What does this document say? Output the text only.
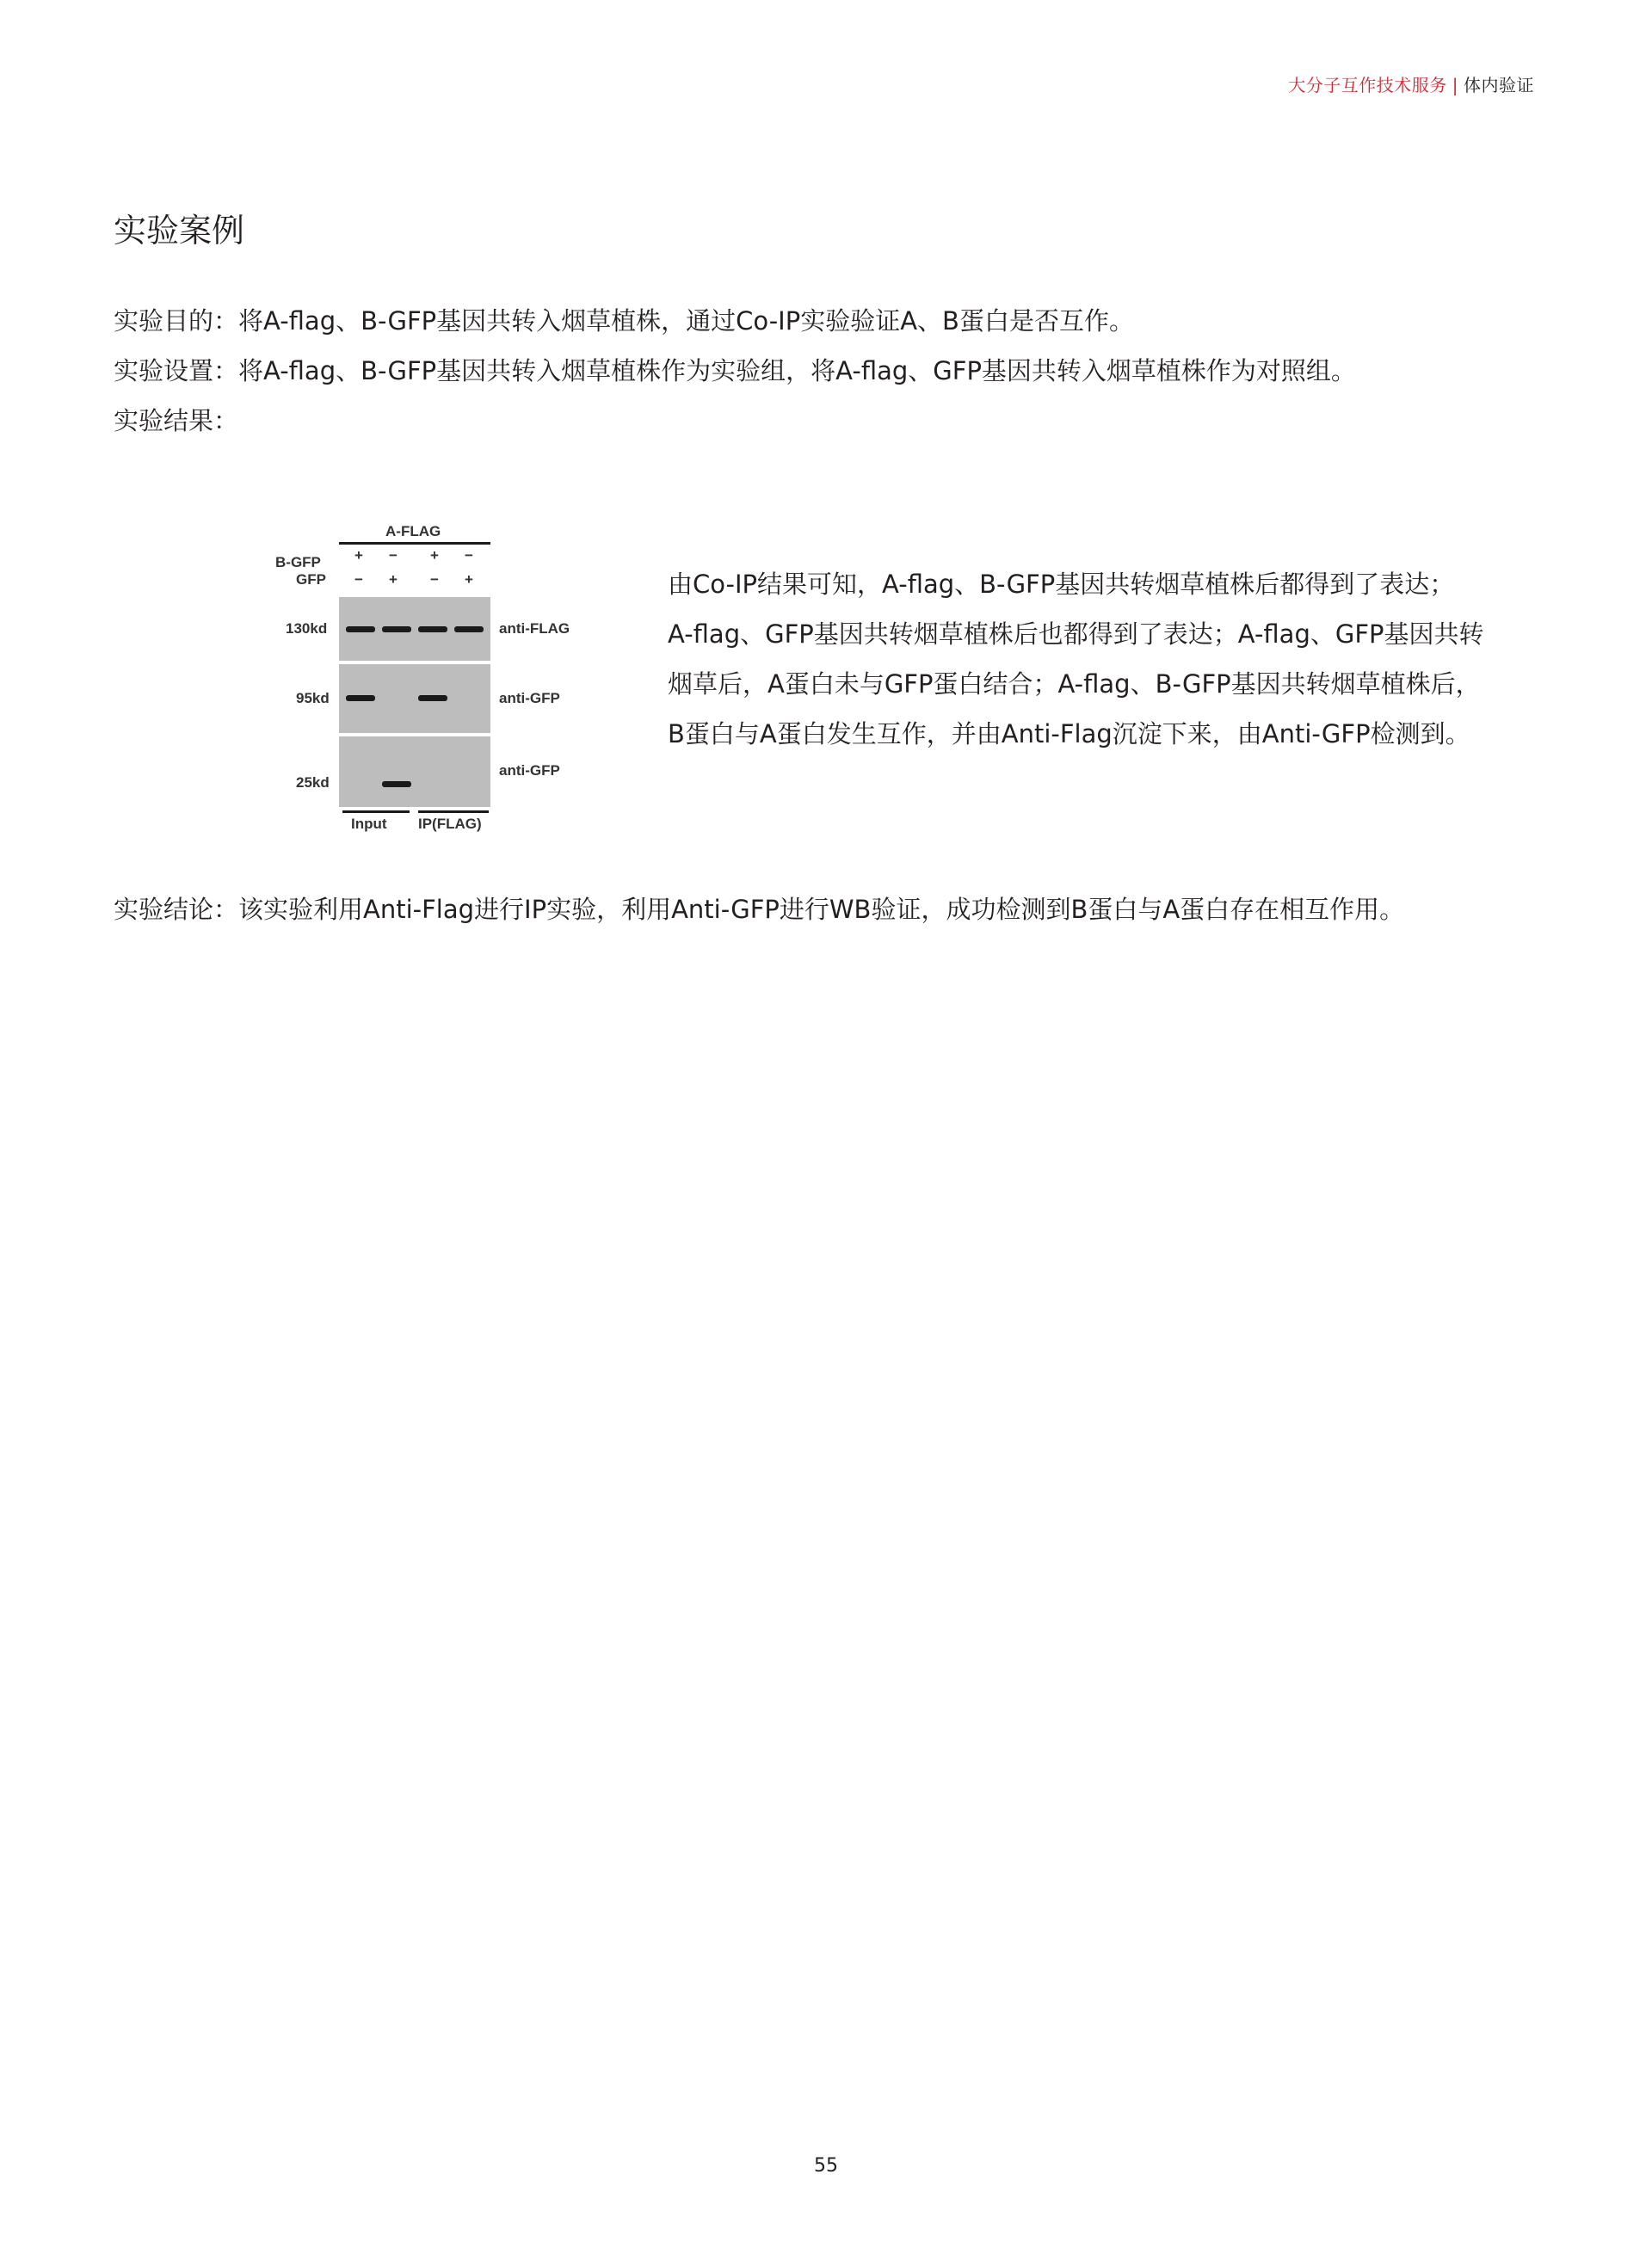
大分子互作技术服务 | 体内验证
实验案例

实验目的：将A-flag、B-GFP基因共转入烟草植株，通过Co-IP实验验证A、B蛋白是否互作。

实验设置：将A-flag、B-GFP基因共转入烟草植株作为实验组，将A-flag、GFP基因共转入烟草植株作为对照组。

实验结果：

A-FLAG
B-GFP
GFP
+ − + −
− + − +
130kd	anti-FLAG
95kd	anti-GFP
25kd
anti-GFP
Input IP(FLAG)
由Co-IP结果可知，A-flag、B-GFP基因共转烟草植株后都得到了表达；
A-flag、GFP基因共转烟草植株后也都得到了表达；A-flag、GFP基因共转
烟草后，A蛋白未与GFP蛋白结合；A-flag、B-GFP基因共转烟草植株后，
B蛋白与A蛋白发生互作，并由Anti-Flag沉淀下来，由Anti-GFP检测到。

实验结论：该实验利用Anti-Flag进行IP实验，利用Anti-GFP进行WB验证，成功检测到B蛋白与A蛋白存在相互作用。

55
